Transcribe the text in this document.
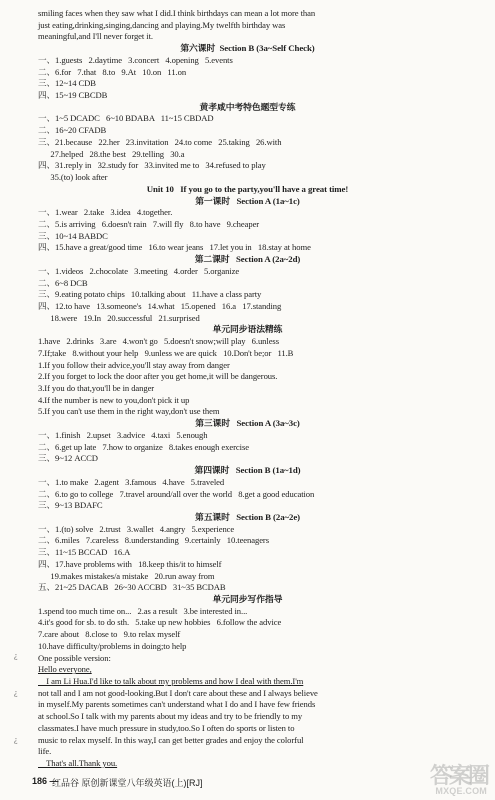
smiling faces when they saw what I did.I think birthdays can mean a lot more than
just eating,drinking,singing,dancing and playing.My twelfth birthday was
meaningful,and I'll never forget it.
第六课时  Section B (3a~Self Check)
一、1.guests   2.daytime   3.concert   4.opening   5.events
二、6.for   7.that   8.to   9.At   10.on   11.on
三、12~14 CDB
四、15~19 CBCDB
黄孝咸中考特色题型专练
一、1~5 DCADC   6~10 BDABA   11~15 CBDAD
二、16~20 CFADB
三、21.because   22.her   23.invitation   24.to come   25.taking   26.with
27.helped   28.the best   29.telling   30.a
四、31.reply in   32.study for   33.invited me to   34.refused to play
35.(to) look after
Unit 10   If you go to the party,you'll have a great time!
第一课时   Section A (1a~1c)
一、1.wear   2.take   3.idea   4.together.
二、5.is arriving   6.doesn't rain   7.will fly   8.to have   9.cheaper
三、10~14 BABDC
四、15.have a great/good time   16.to wear jeans   17.let you in   18.stay at home
第二课时   Section A (2a~2d)
一、1.videos   2.chocolate   3.meeting   4.order   5.organize
二、6~8 DCB
三、9.eating potato chips   10.talking about   11.have a class party
四、12.to have   13.someone's   14.what   15.opened   16.a   17.standing
18.were   19.In   20.successful   21.surprised
单元同步语法精练
1.have   2.drinks   3.are   4.won't go   5.doesn't snow;will play   6.unless
7.If;take   8.without your help   9.unless we are quick   10.Don't be;or   11.B
1.If you follow their advice,you'll stay away from danger
2.If you forget to lock the door after you get home,it will be dangerous.
3.If you do that,you'll be in danger
4.If the number is new to you,don't pick it up
5.If you can't use them in the right way,don't use them
第三课时   Section A (3a~3c)
一、1.finish   2.upset   3.advice   4.taxi   5.enough
二、6.get up late   7.how to organize   8.takes enough exercise
三、9~12 ACCD
第四课时   Section B (1a~1d)
一、1.to make   2.agent   3.famous   4.have   5.traveled
二、6.to go to college   7.travel around/all over the world   8.get a good education
三、9~13 BDAFC
第五课时   Section B (2a~2e)
一、1.(to) solve   2.trust   3.wallet   4.angry   5.experience
二、6.miles   7.careless   8.understanding   9.certainly   10.teenagers
三、11~15 BCCAD   16.A
四、17.have problems with   18.keep this/it to himself
19.makes mistakes/a mistake   20.run away from
五、21~25 DACAB   26~30 ACCBD   31~35 BCDAB
单元同步写作指导
1.spend too much time on...   2.as a result   3.be interested in...
4.it's good for sb. to do sth.   5.take up new hobbies   6.follow the advice
7.care about   8.close to   9.to relax myself
10.have difficulty/problems in doing;to help
One possible version:
Hello everyone,
I am Li Hua.I'd like to talk about my problems and how I deal with them.I'm
not tall and I am not good-looking.But I don't care about these and I always believe
in myself.My parents sometimes can't understand what I do and I have few friends
at school.So I talk with my parents about my ideas and try to be friendly to my
classmates.I have much pressure in study,too.So I often do sports or listen to
music to relax myself. In this way,I can get better grades and enjoy the colorful
life.
That's all.Thank you.
¿
¿
¿
186 —
红品谷 原创新课堂八年级英语(上)[RJ]	答案圈
MXQE.COM
